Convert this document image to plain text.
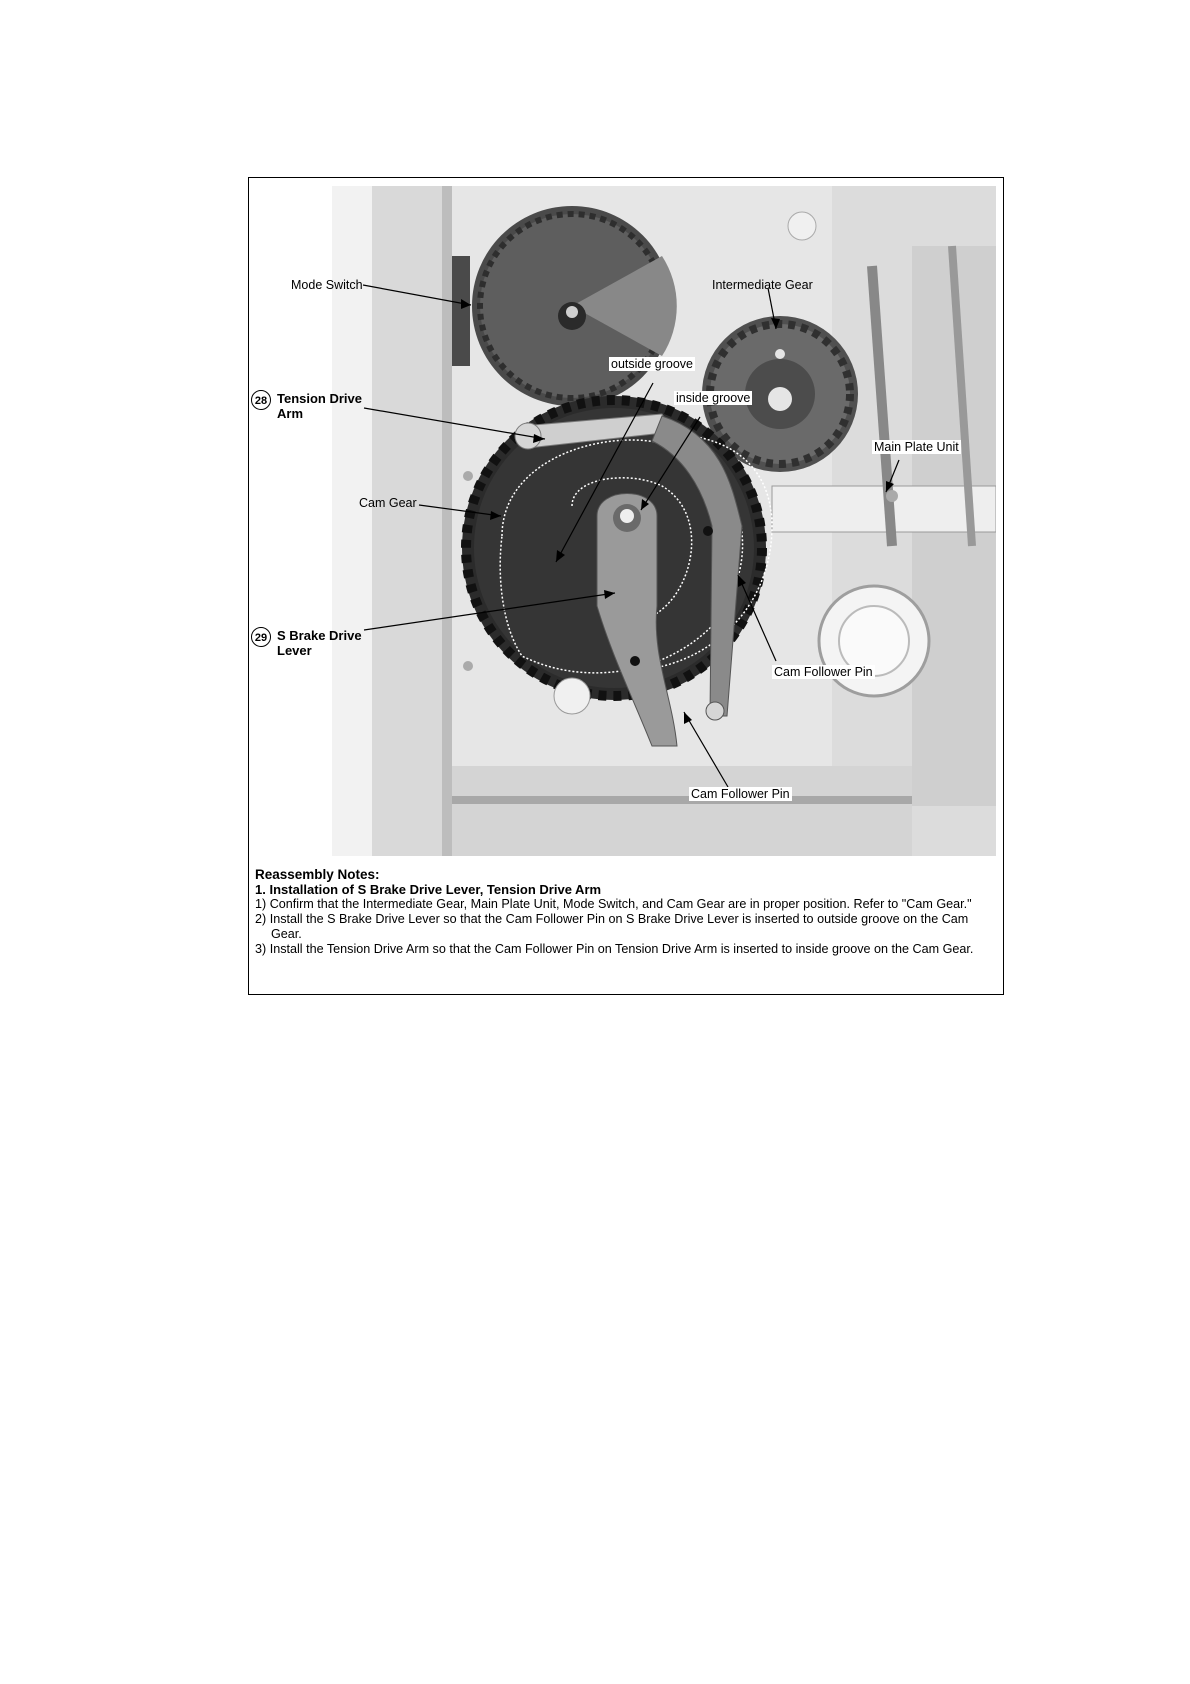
Mode Switch	Intermediate Gear
outside groove
inside groove
28 Tension Drive
Arm
Main Plate Unit
Cam Gear
29 S Brake Drive
Lever
Cam Follower Pin
Cam Follower Pin
Reassembly Notes:
1. Installation of S Brake Drive Lever, Tension Drive Arm
1) Confirm that the Intermediate Gear, Main Plate Unit, Mode Switch, and Cam Gear are in proper position. Refer to "Cam Gear."
2) Install the S Brake Drive Lever so that the Cam Follower Pin on S Brake Drive Lever is inserted to outside groove on the Cam Gear.
3) Install the Tension Drive Arm so that the Cam Follower Pin on Tension Drive Arm is inserted to inside groove on the Cam Gear.
